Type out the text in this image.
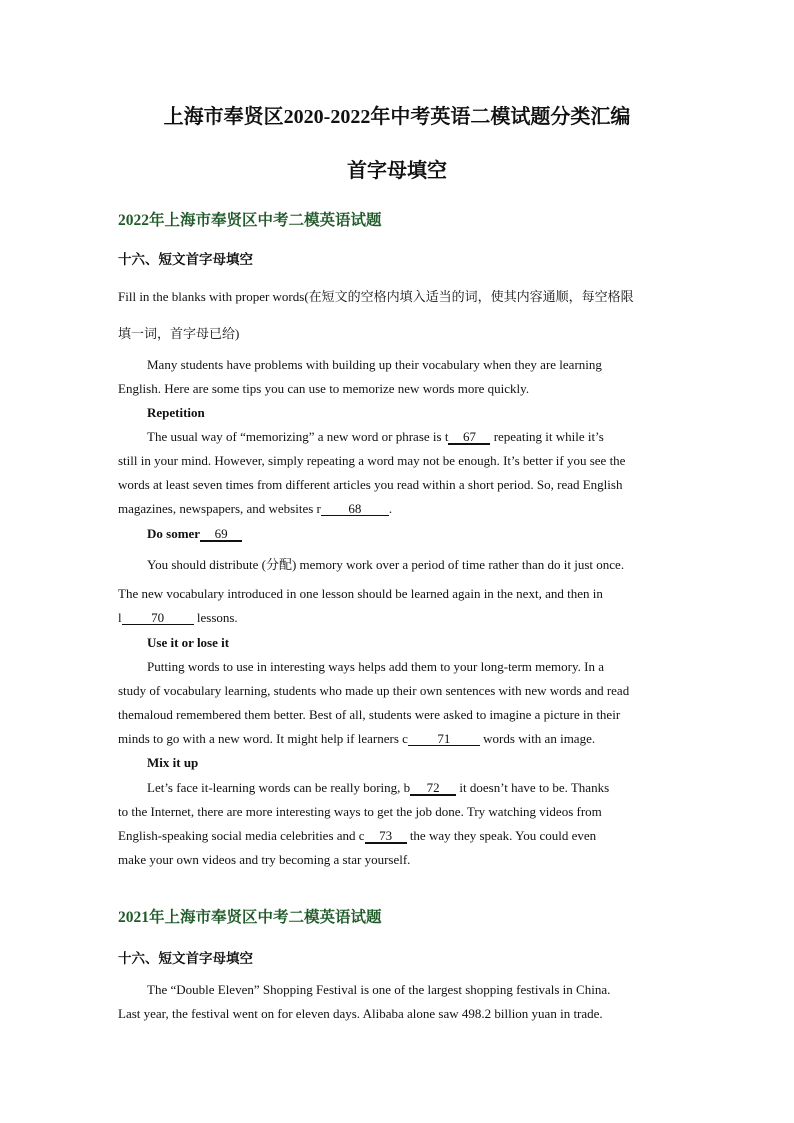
上海市奉贤区2020-2022年中考英语二模试题分类汇编
首字母填空
2022年上海市奉贤区中考二模英语试题
十六、短文首字母填空
Fill in the blanks with proper words(在短文的空格内填入适当的词，使其内容通顺，每空格限
填一词，首字母已给)
Many students have problems with building up their vocabulary when they are learning
English. Here are some tips you can use to memorize new words more quickly.
Repetition
The usual way of “memorizing” a new word or phrase is t 67 repeating it while it’s
still in your mind. However, simply repeating a word may not be enough. It’s better if you see the
words at least seven times from different articles you read within a short period. So, read English
magazines, newspapers, and websites r 68 .
Do somer 69
You should distribute (分配) memory work over a period of time rather than do it just once.
The new vocabulary introduced in one lesson should be learned again in the next, and then in
l 70 lessons.
Use it or lose it
Putting words to use in interesting ways helps add them to your long-term memory. In a
study of vocabulary learning, students who made up their own sentences with new words and read
themaloud remembered them better. Best of all, students were asked to imagine a picture in their
minds to go with a new word. It might help if learners c 71 words with an image.
Mix it up
Let’s face it-learning words can be really boring, b 72 it doesn’t have to be. Thanks
to the Internet, there are more interesting ways to get the job done. Try watching videos from
English-speaking social media celebrities and c 73 the way they speak. You could even
make your own videos and try becoming a star yourself.
2021年上海市奉贤区中考二模英语试题
十六、短文首字母填空
The “Double Eleven” Shopping Festival is one of the largest shopping festivals in China.
Last year, the festival went on for eleven days. Alibaba alone saw 498.2 billion yuan in trade.
